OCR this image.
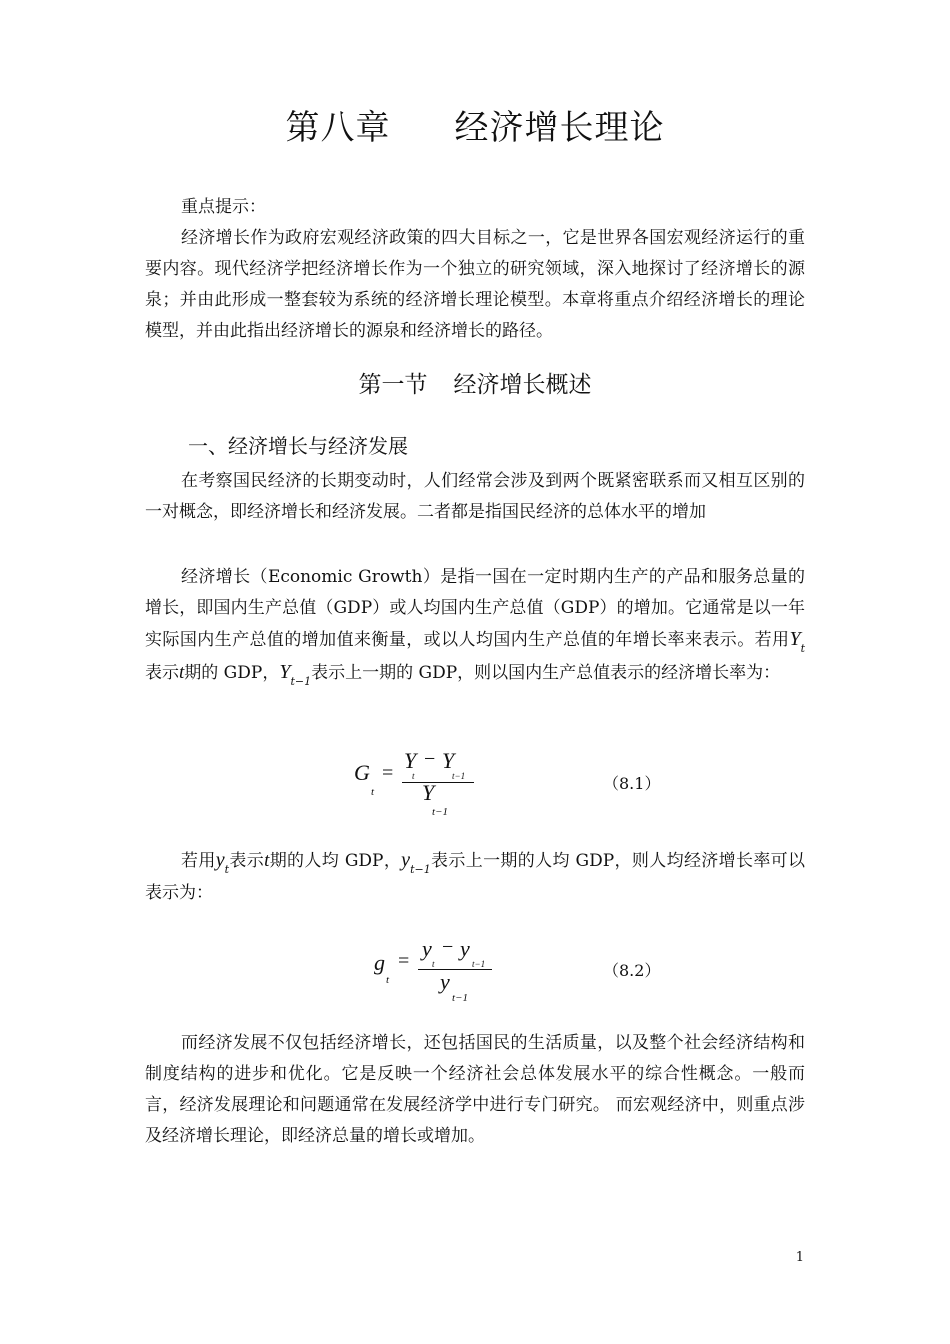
第八章 经济增长理论

重点提示：

经济增长作为政府宏观经济政策的四大目标之一，它是世界各国宏观经济运行的重要内容。现代经济学把经济增长作为一个独立的研究领域，深入地探讨了经济增长的源泉；并由此形成一整套较为系统的经济增长理论模型。本章将重点介绍经济增长的理论模型，并由此指出经济增长的源泉和经济增长的路径。

第一节 经济增长概述
一、经济增长与经济发展

在考察国民经济的长期变动时，人们经常会涉及到两个既紧密联系而又相互区别的一对概念，即经济增长和经济发展。二者都是指国民经济的总体水平的增加

经济增长（Economic Growth）是指一国在一定时期内生产的产品和服务总量的增长，即国内生产总值（GDP）或人均国内生产总值（GDP）的增加。它通常是以一年实际国内生产总值的增加值来衡量，或以人均国内生产总值的年增长率来表示。若用$Y_t$表示t期的 GDP，$Y_{t-1}$表示上一期的 GDP，则以国内生产总值表示的经济增长率为：

G
t
= Y − Y
t	t−1
Y
t−1
（8.1）

若用$y_t$表示t期的人均 GDP，$y_{t-1}$表示上一期的人均 GDP，则人均经济增长率可以表示为：

g
t
= y − y
t	t−1
y
t−1
（8.2）

而经济发展不仅包括经济增长，还包括国民的生活质量，以及整个社会经济结构和制度结构的进步和优化。它是反映一个经济社会总体发展水平的综合性概念。一般而言，经济发展理论和问题通常在发展经济学中进行专门研究。 而宏观经济中，则重点涉及经济增长理论，即经济总量的增长或增加。

1
